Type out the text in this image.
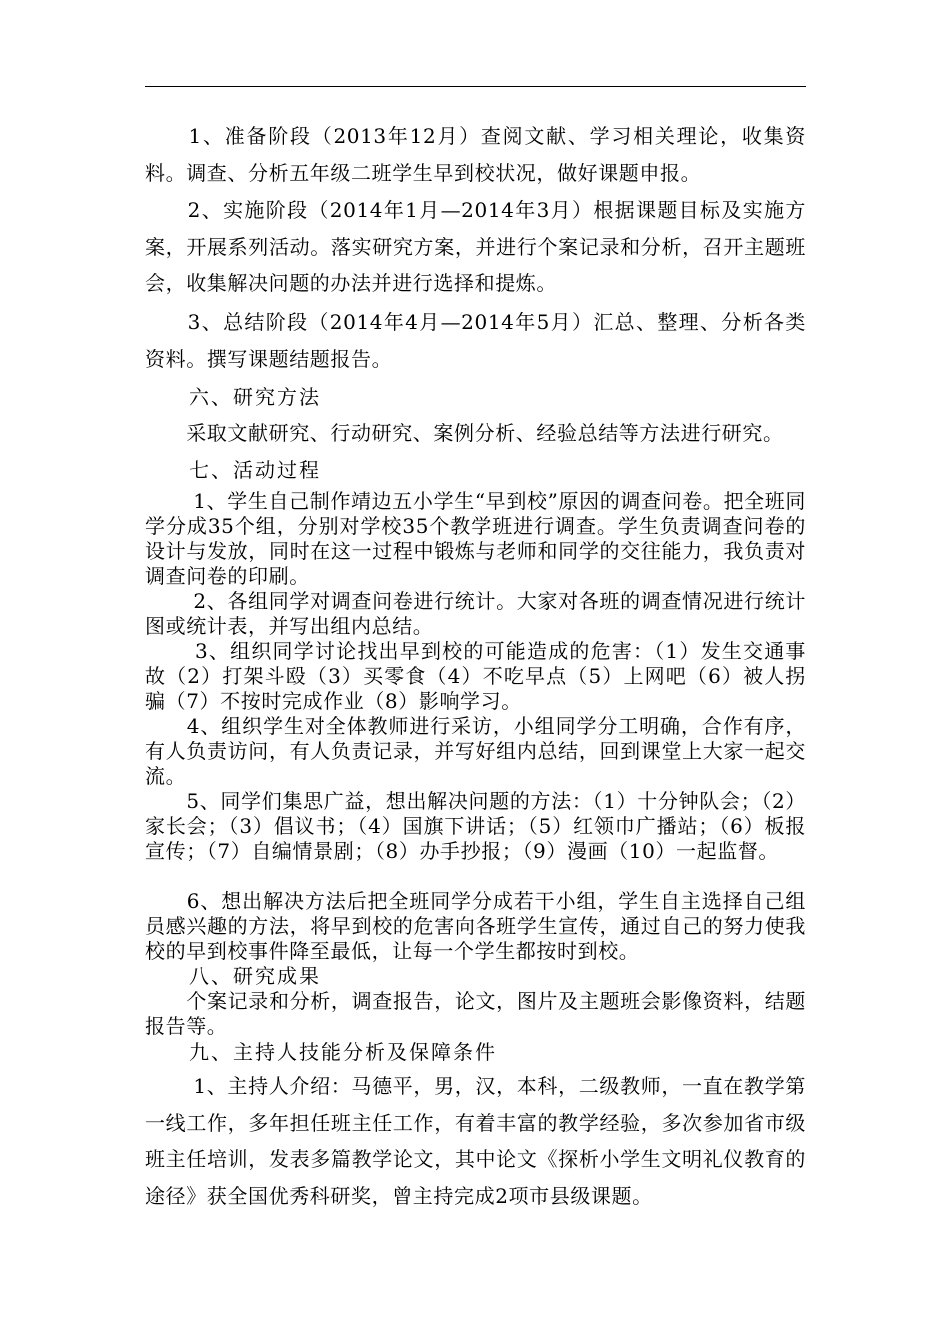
　　1、准备阶段（2013年12月）查阅文献、学习相关理论，收集资料。调查、分析五年级二班学生早到校状况，做好课题申报。

　　2、实施阶段（2014年1月—2014年3月）根据课题目标及实施方案，开展系列活动。落实研究方案，并进行个案记录和分析，召开主题班会，收集解决问题的办法并进行选择和提炼。

　　3、总结阶段（2014年4月—2014年5月）汇总、整理、分析各类资料。撰写课题结题报告。

　　六、研究方法

　　采取文献研究、行动研究、案例分析、经验总结等方法进行研究。

　　七、活动过程

　　 1、学生自己制作靖边五小学生“早到校”原因的调查问卷。把全班同学分成35个组，分别对学校35个教学班进行调查。学生负责调查问卷的设计与发放，同时在这一过程中锻炼与老师和同学的交往能力，我负责对调查问卷的印刷。

　　 2、各组同学对调查问卷进行统计。大家对各班的调查情况进行统计图或统计表，并写出组内总结。

　　 3、组织同学讨论找出早到校的可能造成的危害：（1）发生交通事故（2）打架斗殴（3）买零食（4）不吃早点（5）上网吧（6）被人拐骗（7）不按时完成作业（8）影响学习。

　　4、组织学生对全体教师进行采访，小组同学分工明确，合作有序，有人负责访问，有人负责记录，并写好组内总结，回到课堂上大家一起交流。

　　5、同学们集思广益，想出解决问题的方法：（1）十分钟队会；（2）家长会；（3）倡议书；（4）国旗下讲话；（5）红领巾广播站；（6）板报宣传；（7）自编情景剧；（8）办手抄报；（9）漫画（10）一起监督。

　　6、想出解决方法后把全班同学分成若干小组，学生自主选择自己组员感兴趣的方法，将早到校的危害向各班学生宣传，通过自己的努力使我校的早到校事件降至最低，让每一个学生都按时到校。

　　八、研究成果

　　个案记录和分析，调查报告，论文，图片及主题班会影像资料，结题报告等。

　　九、主持人技能分析及保障条件

　　 1、主持人介绍：马德平，男，汉，本科，二级教师，一直在教学第一线工作，多年担任班主任工作，有着丰富的教学经验，多次参加省市级班主任培训，发表多篇教学论文，其中论文《探析小学生文明礼仪教育的途径》获全国优秀科研奖，曾主持完成2项市县级课题。
